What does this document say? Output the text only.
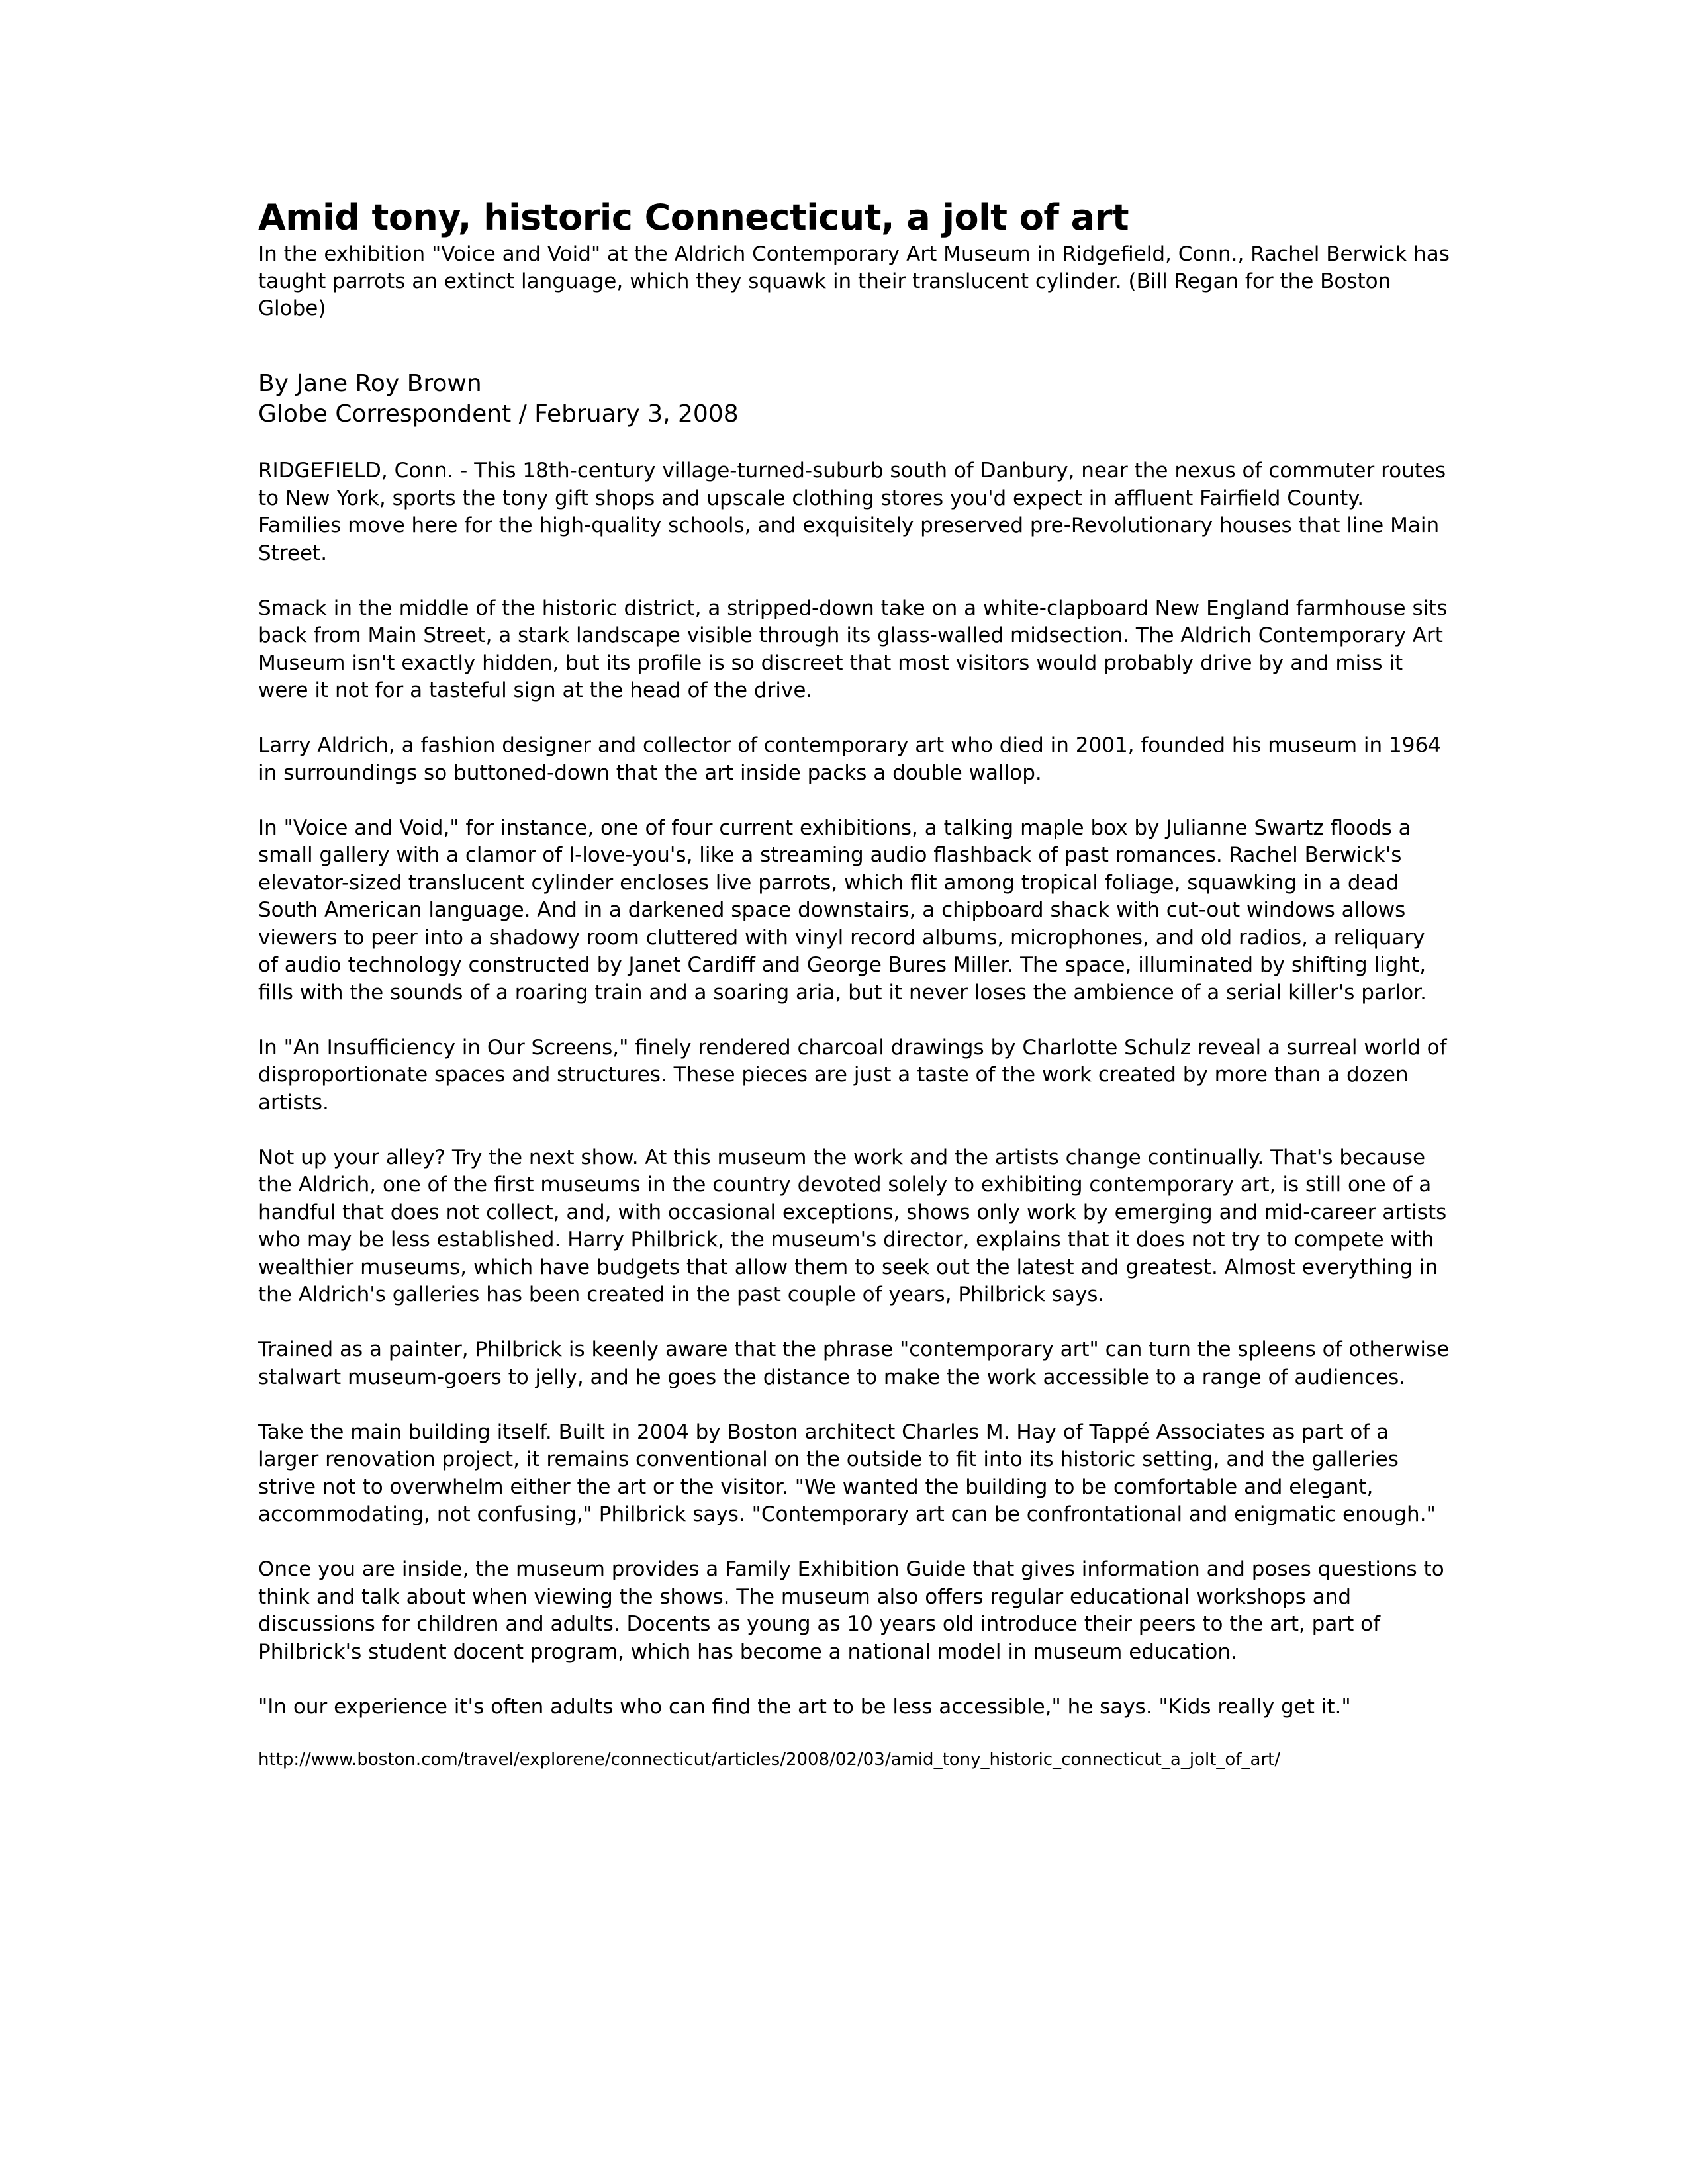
Amid tony, historic Connecticut, a jolt of art

In the exhibition "Voice and Void" at the Aldrich Contemporary Art Museum in Ridgefield, Conn., Rachel Berwick has taught parrots an extinct language, which they squawk in their translucent cylinder. (Bill Regan for the Boston Globe)

By Jane Roy Brown
Globe Correspondent / February 3, 2008

RIDGEFIELD, Conn. - This 18th-century village-turned-suburb south of Danbury, near the nexus of commuter routes to New York, sports the tony gift shops and upscale clothing stores you'd expect in affluent Fairfield County. Families move here for the high-quality schools, and exquisitely preserved pre-Revolutionary houses that line Main Street.

Smack in the middle of the historic district, a stripped-down take on a white-clapboard New England farmhouse sits back from Main Street, a stark landscape visible through its glass-walled midsection. The Aldrich Contemporary Art Museum isn't exactly hidden, but its profile is so discreet that most visitors would probably drive by and miss it were it not for a tasteful sign at the head of the drive.

Larry Aldrich, a fashion designer and collector of contemporary art who died in 2001, founded his museum in 1964 in surroundings so buttoned-down that the art inside packs a double wallop.

In "Voice and Void," for instance, one of four current exhibitions, a talking maple box by Julianne Swartz floods a small gallery with a clamor of I-love-you's, like a streaming audio flashback of past romances. Rachel Berwick's elevator-sized translucent cylinder encloses live parrots, which flit among tropical foliage, squawking in a dead South American language. And in a darkened space downstairs, a chipboard shack with cut-out windows allows viewers to peer into a shadowy room cluttered with vinyl record albums, microphones, and old radios, a reliquary of audio technology constructed by Janet Cardiff and George Bures Miller. The space, illuminated by shifting light, fills with the sounds of a roaring train and a soaring aria, but it never loses the ambience of a serial killer's parlor.

In "An Insufficiency in Our Screens," finely rendered charcoal drawings by Charlotte Schulz reveal a surreal world of disproportionate spaces and structures. These pieces are just a taste of the work created by more than a dozen artists.

Not up your alley? Try the next show. At this museum the work and the artists change continually. That's because the Aldrich, one of the first museums in the country devoted solely to exhibiting contemporary art, is still one of a handful that does not collect, and, with occasional exceptions, shows only work by emerging and mid-career artists who may be less established. Harry Philbrick, the museum's director, explains that it does not try to compete with wealthier museums, which have budgets that allow them to seek out the latest and greatest. Almost everything in the Aldrich's galleries has been created in the past couple of years, Philbrick says.

Trained as a painter, Philbrick is keenly aware that the phrase "contemporary art" can turn the spleens of otherwise stalwart museum-goers to jelly, and he goes the distance to make the work accessible to a range of audiences.

Take the main building itself. Built in 2004 by Boston architect Charles M. Hay of Tappé Associates as part of a larger renovation project, it remains conventional on the outside to fit into its historic setting, and the galleries strive not to overwhelm either the art or the visitor. "We wanted the building to be comfortable and elegant, accommodating, not confusing," Philbrick says. "Contemporary art can be confrontational and enigmatic enough."

Once you are inside, the museum provides a Family Exhibition Guide that gives information and poses questions to think and talk about when viewing the shows. The museum also offers regular educational workshops and discussions for children and adults. Docents as young as 10 years old introduce their peers to the art, part of Philbrick's student docent program, which has become a national model in museum education.

"In our experience it's often adults who can find the art to be less accessible," he says. "Kids really get it."

http://www.boston.com/travel/explorene/connecticut/articles/2008/02/03/amid_tony_historic_connecticut_a_jolt_of_art/
